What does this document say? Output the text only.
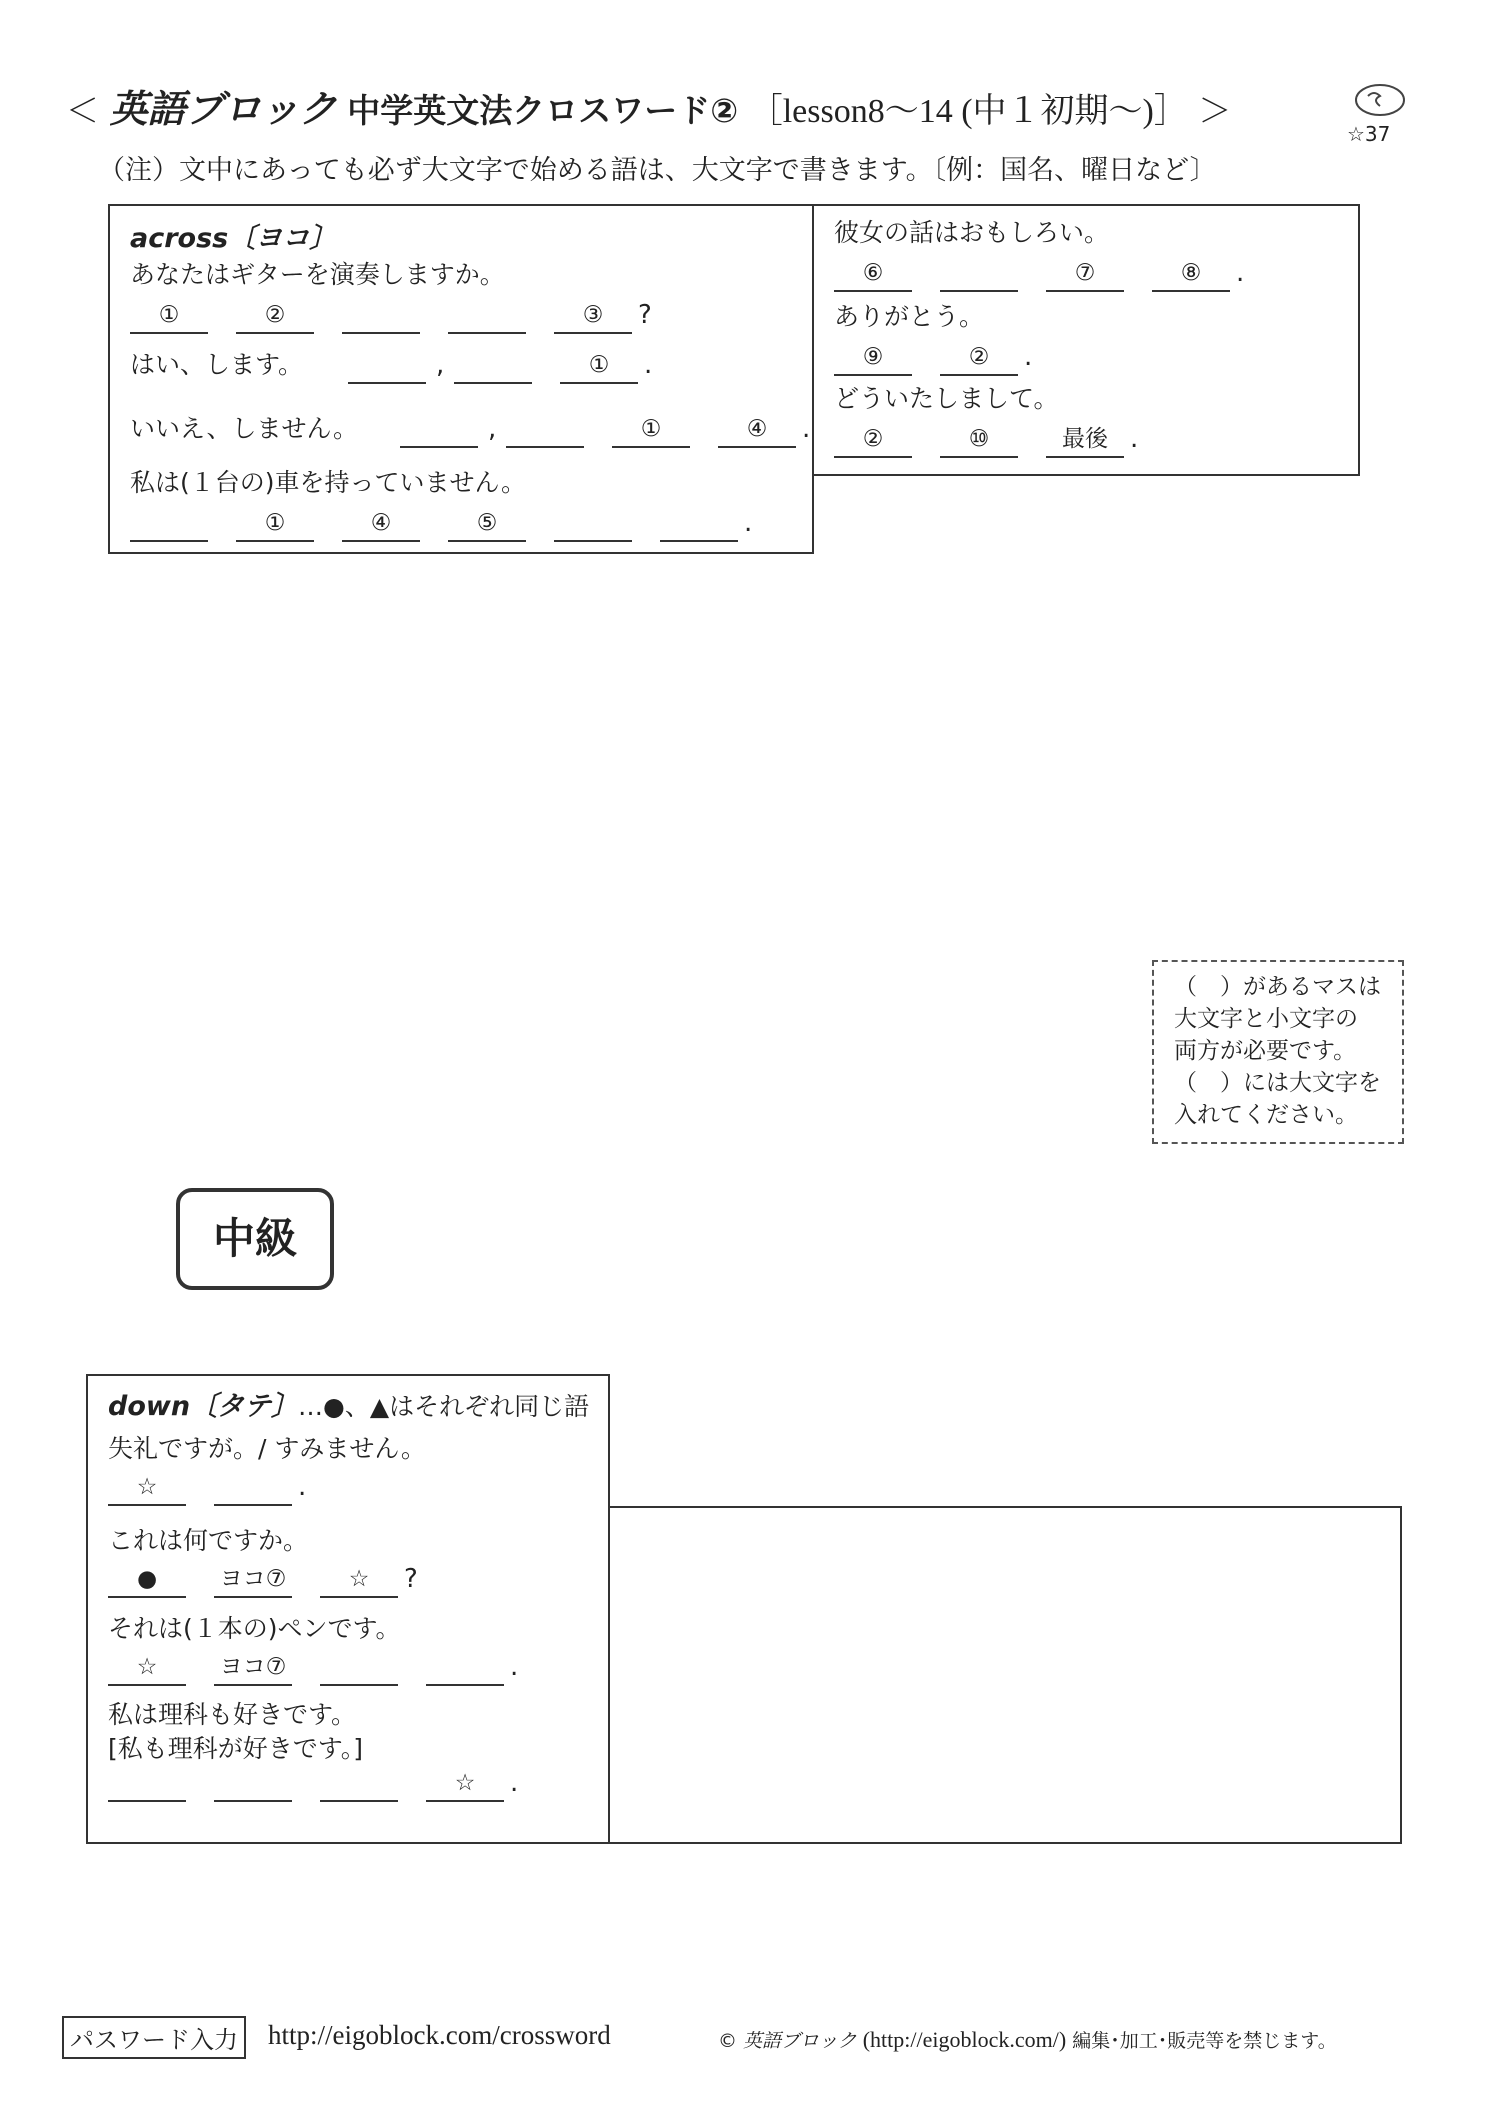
＜ 英語ブロック 中学英文法クロスワード② ［lesson8～14 (中１初期～)］ ＞
☆37
（注）文中にあっても必ず大文字で始める語は、大文字で書きます。〔例：国名、曜日など〕
across〔ヨコ〕
あなたはギターを演奏しますか。
①	②	③	?
はい、します。	,	①	.
いいえ、しません。	,	①	④	.
私は(１台の)車を持っていません。
①	④	⑤	.
彼女の話はおもしろい。
⑥	⑦	⑧	.
ありがとう。
⑨	②	.
どういたしまして。
②	⑩	最後 .
（　）があるマスは
大文字と小文字の
両方が必要です。
（　）には大文字を
入れてください。
中級
down〔タテ〕…●、▲はそれぞれ同じ語
失礼ですが。/ すみません。
☆	.
これは何ですか。
●	ヨコ⑦	☆	?
それは(１本の)ペンです。
☆	ヨコ⑦	.
私は理科も好きです。
[私も理科が好きです。]
☆	.
パスワード入力 http://eigoblock.com/crossword	© 英語ブロック (http://eigoblock.com/) 編集･加工･販売等を禁じます。
